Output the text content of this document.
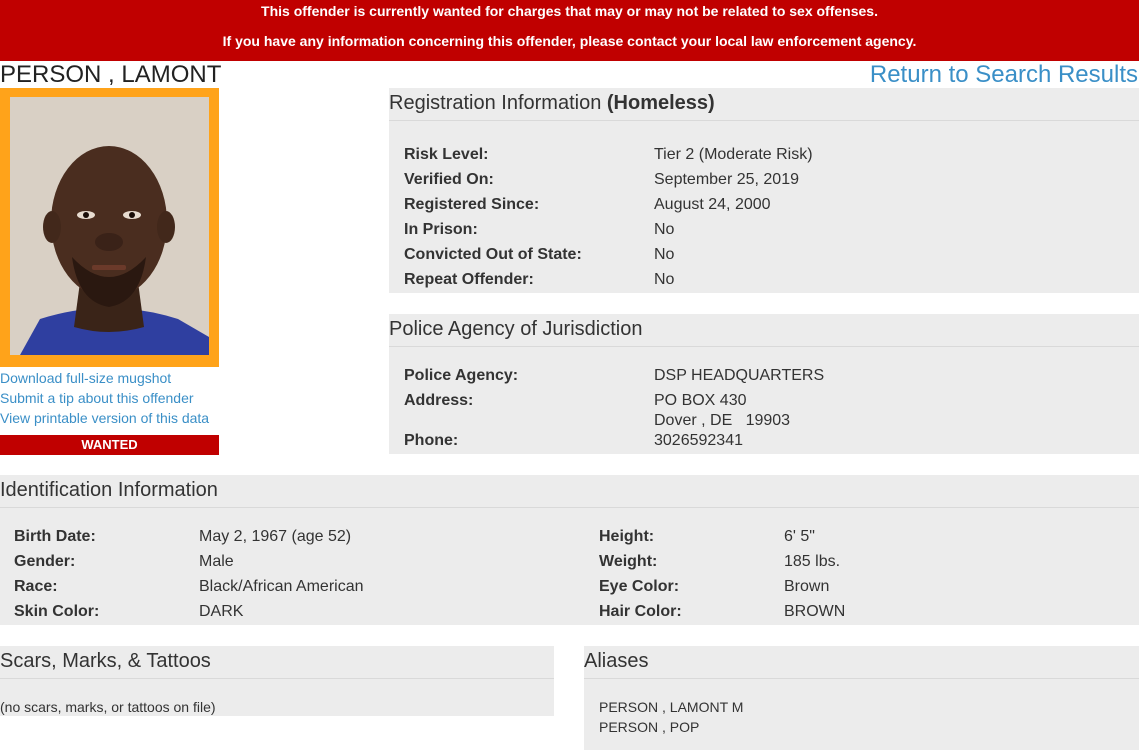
This offender is currently wanted for charges that may or may not be related to sex offenses.
If you have any information concerning this offender, please contact your local law enforcement agency.
PERSON , LAMONT	Return to Search Results
WANTED
Download full-size mugshot
Submit a tip about this offender
View printable version of this data
Registration Information (Homeless)
Risk Level:	Tier 2 (Moderate Risk)
Verified On:	September 25, 2019
Registered Since:	August 24, 2000
In Prison:	No
Convicted Out of State:	No
Repeat Offender:	No
Police Agency of Jurisdiction
Police Agency:	DSP HEADQUARTERS
Address:	PO BOX 430
Dover , DE   19903
Phone:	3026592341
Identification Information
Birth Date:	May 2, 1967 (age 52)
Gender:	Male
Race:	Black/African American
Skin Color:	DARK
Height:	6' 5"
Weight:	185 lbs.
Eye Color:	Brown
Hair Color:	BROWN
Scars, Marks, & Tattoos
(no scars, marks, or tattoos on file)
Aliases
PERSON , LAMONT M
PERSON , POP
